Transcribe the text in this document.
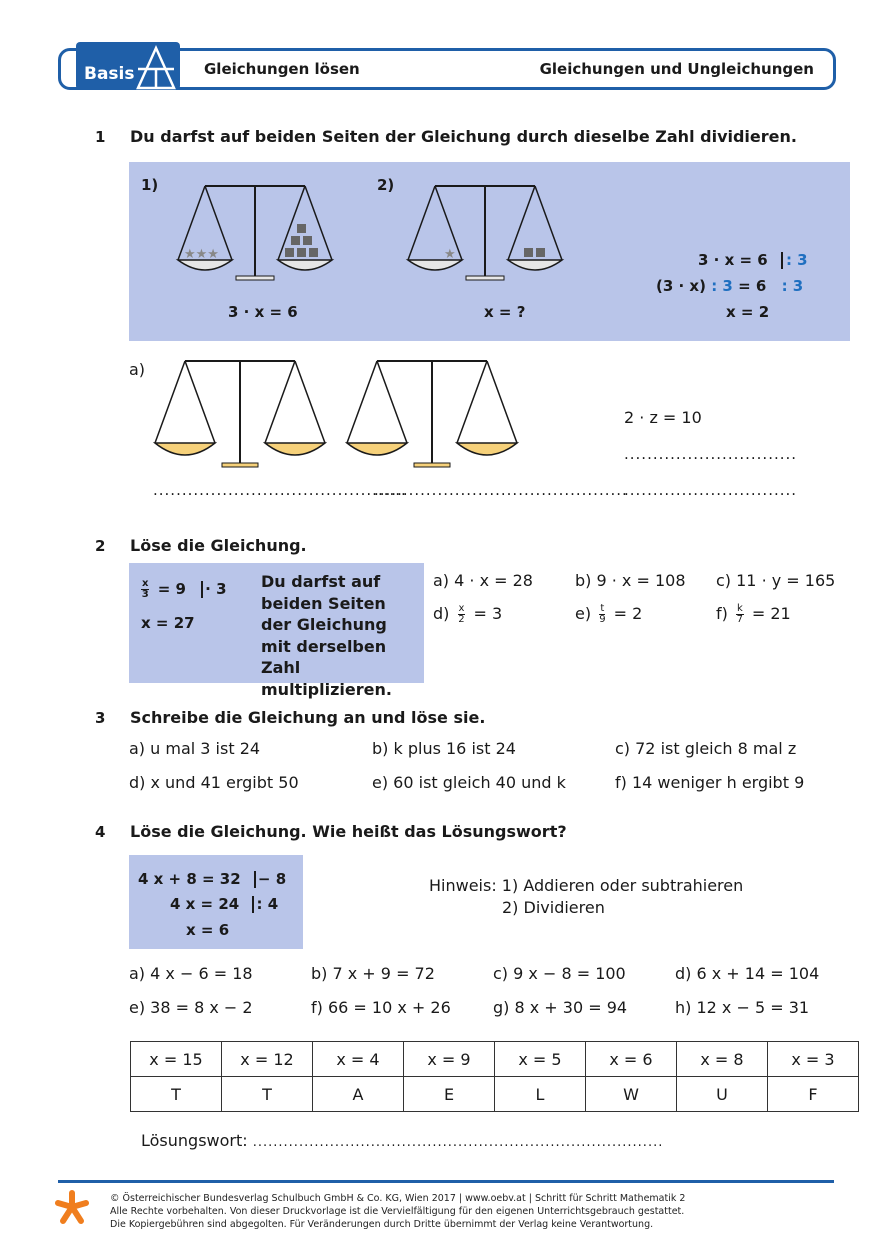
Basis	Gleichungen lösen	Gleichungen und Ungleichungen
1 Du darfst auf beiden Seiten der Gleichung durch dieselbe Zahl dividieren.
1)	2)
★★★
3 · x = 6
★
x = ?
3 · x = 6 : 3
(3 · x) : 3 = 6 : 3
x = 2
a)
............................................
............................................
2 · z = 10
..............................
..............................
2 Löse die Gleichung.
$\frac{x}{3} = 9 \cdot 3$
x = 27
Du darfst auf beiden Seiten der Gleichung mit derselben Zahl multiplizieren.
a) 4 · x = 28	b) 9 · x = 108 c) 11 · y = 165
$d) \frac{x}{2} = 3$	$e) \frac{t}{9} = 2$	$f) \frac{k}{7} = 21$
3 Schreibe die Gleichung an und löse sie.
a) u mal 3 ist 24	b) k plus 16 ist 24	c) 72 ist gleich 8 mal z
d) x und 41 ergibt 50	e) 60 ist gleich 40 und k	f) 14 weniger h ergibt 9
4 Löse die Gleichung. Wie heißt das Lösungswort?
4 x + 8 = 32 − 8
4 x = 24 : 4
x = 6
Hinweis: 1) Addieren oder subtrahieren
2) Dividieren
a) 4 x − 6 = 18	b) 7 x + 9 = 72	c) 9 x − 8 = 100	d) 6 x + 14 = 104
e) 38 = 8 x − 2	f) 66 = 10 x + 26	g) 8 x + 30 = 94	h) 12 x − 5 = 31
x = 15	x = 12	x = 4	x = 9	x = 5	x = 6	x = 8	x = 3
T	T	A	E	L	W	U	F
Lösungswort: ................................................................................
© Österreichischer Bundesverlag Schulbuch GmbH & Co. KG, Wien 2017 | www.oebv.at | Schritt für Schritt Mathematik 2
Alle Rechte vorbehalten. Von dieser Druckvorlage ist die Vervielfältigung für den eigenen Unterrichtsgebrauch gestattet.
Die Kopiergebühren sind abgegolten. Für Veränderungen durch Dritte übernimmt der Verlag keine Verantwortung.
